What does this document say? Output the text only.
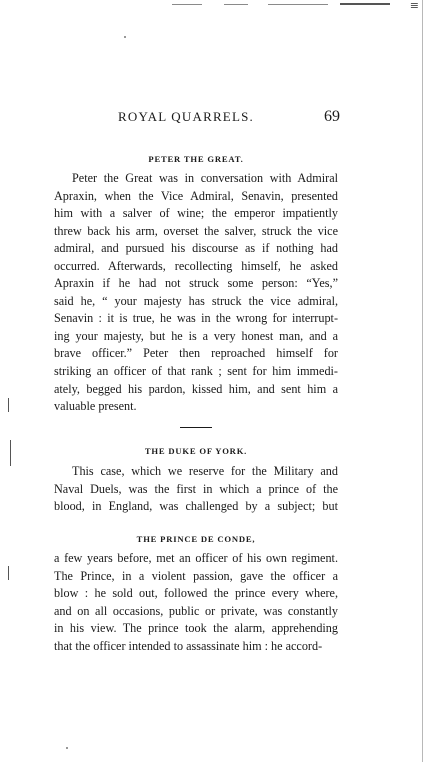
≡
ROYAL QUARRELS.	69
PETER THE GREAT.
Peter the Great was in conversation with Admiral
Apraxin, when the Vice Admiral, Senavin, presented
him with a salver of wine; the emperor impatiently
threw back his arm, overset the salver, struck the vice
admiral, and pursued his discourse as if nothing had
occurred. Afterwards, recollecting himself, he asked
Apraxin if he had not struck some person: “Yes,”
said he, “ your majesty has struck the vice admiral,
Senavin : it is true, he was in the wrong for interrupt-
ing your majesty, but he is a very honest man, and a
brave officer.” Peter then reproached himself for
striking an officer of that rank ; sent for him immedi-
ately, begged his pardon, kissed him, and sent him a
valuable present.
THE DUKE OF YORK.
This case, which we reserve for the Military and
Naval Duels, was the first in which a prince of the
blood, in England, was challenged by a subject; but
THE PRINCE DE CONDE,
a few years before, met an officer of his own regiment.
The Prince, in a violent passion, gave the officer a
blow : he sold out, followed the prince every where,
and on all occasions, public or private, was constantly
in his view. The prince took the alarm, apprehending
that the officer intended to assassinate him : he accord-
